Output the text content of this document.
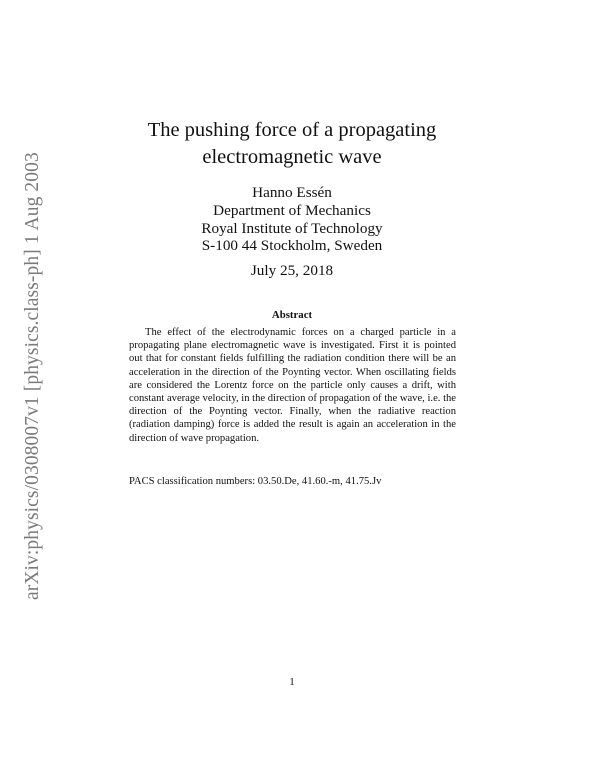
arXiv:physics/0308007v1 [physics.class-ph] 1 Aug 2003
The pushing force of a propagating
electromagnetic wave
Hanno Essén
Department of Mechanics
Royal Institute of Technology
S-100 44 Stockholm, Sweden
July 25, 2018
Abstract
The effect of the electrodynamic forces on a charged particle in a propagating plane electromagnetic wave is investigated. First it is pointed out that for constant fields fulfilling the radiation condition there will be an acceleration in the direction of the Poynting vector. When oscillating fields are considered the Lorentz force on the particle only causes a drift, with constant average velocity, in the direction of propagation of the wave, i.e. the direction of the Poynting vector. Finally, when the radiative reaction (radiation damping) force is added the result is again an acceleration in the direction of wave propagation.
PACS classification numbers: 03.50.De, 41.60.-m, 41.75.Jv
1
